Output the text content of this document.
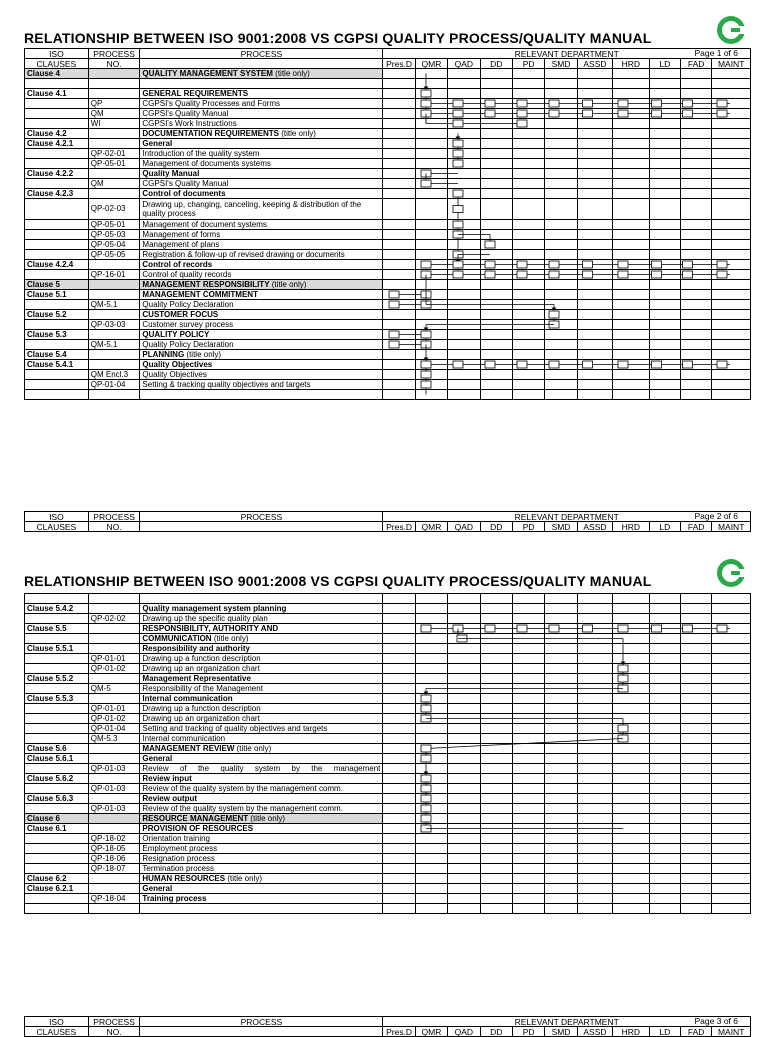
RELATIONSHIP BETWEEN ISO 9001:2008 VS CGPSI QUALITY PROCESS/QUALITY MANUAL
ISO	PROCESS	PROCESS	RELEVANT DEPARTMENT Page 1 of 6										

CLAUSES	NO.		Pres.D	QMR	QAD	DD	PD	SMD	ASSD	HRD	LD	FAD	MAINT
Clause 4		QUALITY MANAGEMENT SYSTEM (title only)											

Clause 4.1		GENERAL REQUIREMENTS											
	QP	CGPSI's Quality Processes and Forms											
	QM	CGPSI's Quality Manual											
	WI	CGPSI's Work Instructions											
Clause 4.2		DOCUMENTATION REQUIREMENTS (title only)											
Clause 4.2.1		General											
	QP-02-01	Introduction of the quality system											
	QP-05-01	Management of documents systems											
Clause 4.2.2		Quality Manual											
	QM	CGPSI's Quality Manual											
Clause 4.2.3		Control of documents											
	QP-02-03	Drawing up, changing, canceling, keeping & distribution of the quality process											
	QP-05-01	Management of document systems											
	QP-05-03	Management of forms											
	QP-05-04	Management of plans											
	QP-05-05	Registration & follow-up of revised drawing or documents											
Clause 4.2.4		Control of records											
	QP-16-01	Control of quality records											
Clause 5		MANAGEMENT RESPONSIBILITY (title only)											
Clause 5.1		MANAGEMENT COMMITMENT											
	QM-5.1	Quality Policy Declaration											
Clause 5.2		CUSTOMER FOCUS											
	QP-03-03	Customer survey process											
Clause 5.3		QUALITY POLICY											
	QM-5.1	Quality Policy Declaration											
Clause 5.4		PLANNING (title only)											
Clause 5.4.1		Quality Objectives											
	QM Encl.3	Quality Objectives											
	QP-01-04	Setting & tracking quality objectives and targets											

ISO	PROCESS	PROCESS	RELEVANT DEPARTMENT Page 2 of 6										

CLAUSES	NO.		Pres.D	QMR	QAD	DD	PD	SMD	ASSD	HRD	LD	FAD	MAINT
RELATIONSHIP BETWEEN ISO 9001:2008 VS CGPSI QUALITY PROCESS/QUALITY MANUAL

Clause 5.4.2		Quality management system planning											
	QP-02-02	Drawing up the specific quality plan											
Clause 5.5		RESPONSIBILITY, AUTHORITY AND											
		COMMUNICATION (title only)											
Clause 5.5.1		Responsibility and authority											
	QP-01-01	Drawing up a function description											
	QP-01-02	Drawing up an organization chart											
Clause 5.5.2		Management Representative											
	QM-5	Responsibility of the Management											
Clause 5.5.3		Internal communication											
	QP-01-01	Drawing up a function description											
	QP-01-02	Drawing up an organization chart											
	QP-01-04	Setting and tracking of quality objectives and targets											
	QM-5.3	Internal communication											
Clause 5.6		MANAGEMENT REVIEW (title only)											
Clause 5.6.1		General											
	QP-01-03	Review of the quality system by the management											
Clause 5.6.2		Review input											
	QP-01-03	Review of the quality system by the management comm.											
Clause 5.6.3		Review output											
	QP-01-03	Review of the quality system by the management comm.											
Clause 6		RESOURCE MANAGEMENT (title only)											
Clause 6.1		PROVISION OF RESOURCES											
	QP-18-02	Orientation training											
	QP-18-05	Employment process											
	QP-18-06	Resignation process											
	QP-18-07	Termination process											
Clause 6.2		HUMAN RESOURCES (title only)											
Clause 6.2.1		General											
	QP-18-04	Training process											

ISO	PROCESS	PROCESS	RELEVANT DEPARTMENT Page 3 of 6										

CLAUSES	NO.		Pres.D	QMR	QAD	DD	PD	SMD	ASSD	HRD	LD	FAD	MAINT
